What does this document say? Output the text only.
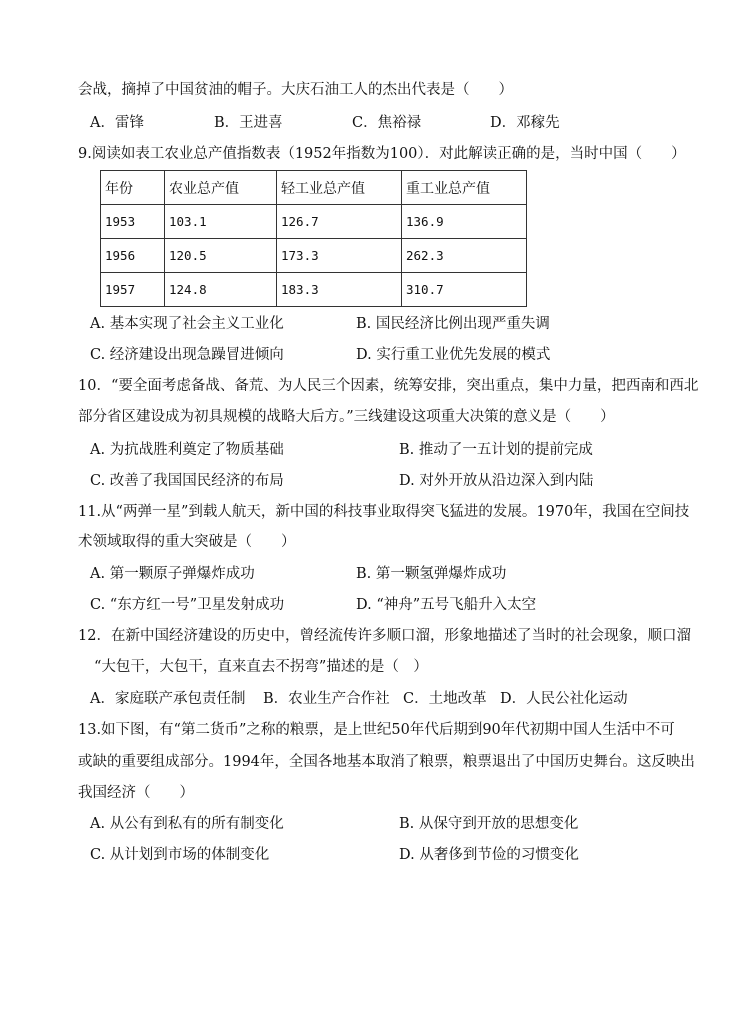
会战，摘掉了中国贫油的帽子。大庆石油工人的杰出代表是（　　）
A．雷锋	B．王进喜	C．焦裕禄	D．邓稼先
9.阅读如表工农业总产值指数表（1952年指数为100）．对此解读正确的是，当时中国（　　）
年份	农业总产值	轻工业总产值	重工业总产值
1953	103.1	126.7	136.9
1956	120.5	173.3	262.3
1957	124.8	183.3	310.7
A. 基本实现了社会主义工业化	B. 国民经济比例出现严重失调
C. 经济建设出现急躁冒进倾向	D. 实行重工业优先发展的模式
10．“要全面考虑备战、备荒、为人民三个因素，统筹安排，突出重点，集中力量，把西南和西北
部分省区建设成为初具规模的战略大后方。”三线建设这项重大决策的意义是（　　）
A. 为抗战胜利奠定了物质基础	B. 推动了一五计划的提前完成
C. 改善了我国国民经济的布局	D. 对外开放从沿边深入到内陆
11.从“两弹一星”到载人航天，新中国的科技事业取得突飞猛进的发展。1970年，我国在空间技
术领域取得的重大突破是（　　）
A. 第一颗原子弹爆炸成功	B. 第一颗氢弹爆炸成功
C. “东方红一号”卫星发射成功	D. “神舟”五号飞船升入太空
12．在新中国经济建设的历史中，曾经流传许多顺口溜，形象地描述了当时的社会现象，顺口溜
“大包干，大包干，直来直去不拐弯”描述的是（　）
A．家庭联产承包责任制 B．农业生产合作社 C．土地改革 D．人民公社化运动
13.如下图，有“第二货币”之称的粮票，是上世纪50年代后期到90年代初期中国人生活中不可
或缺的重要组成部分。1994年，全国各地基本取消了粮票，粮票退出了中国历史舞台。这反映出
我国经济（　　）
A. 从公有到私有的所有制变化	B. 从保守到开放的思想变化
C. 从计划到市场的体制变化	D. 从奢侈到节俭的习惯变化
